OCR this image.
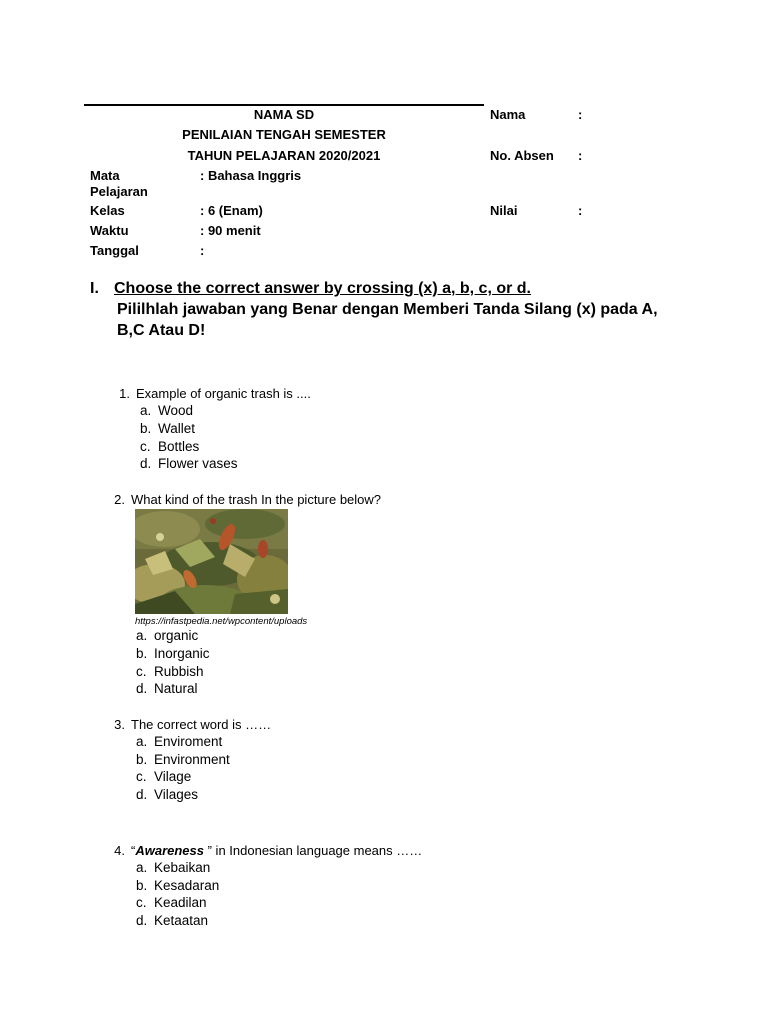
NAMA SD
PENILAIAN TENGAH SEMESTER
TAHUN PELAJARAN 2020/2021
Mata Pelajaran
: Bahasa Inggris
Kelas	: 6 (Enam)
Waktu	: 90 menit
Tanggal	:
Nama	:
No. Absen :
Nilai	:
I. Choose the correct answer by crossing (x) a, b, c, or d.
Pililhlah jawaban yang Benar dengan Memberi Tanda Silang (x) pada A,
B,C Atau D!
1. Example of organic trash is ....
a. Wood
b. Wallet
c. Bottles
d. Flower vases
2. What kind of the trash In the picture below?
https://infastpedia.net/wpcontent/uploads
a. organic
b. Inorganic
c. Rubbish
d. Natural
3. The correct word is ……
a. Enviroment
b. Environment
c. Vilage
d. Vilages
4. “Awareness ” in Indonesian language means ……
a. Kebaikan
b. Kesadaran
c. Keadilan
d. Ketaatan
